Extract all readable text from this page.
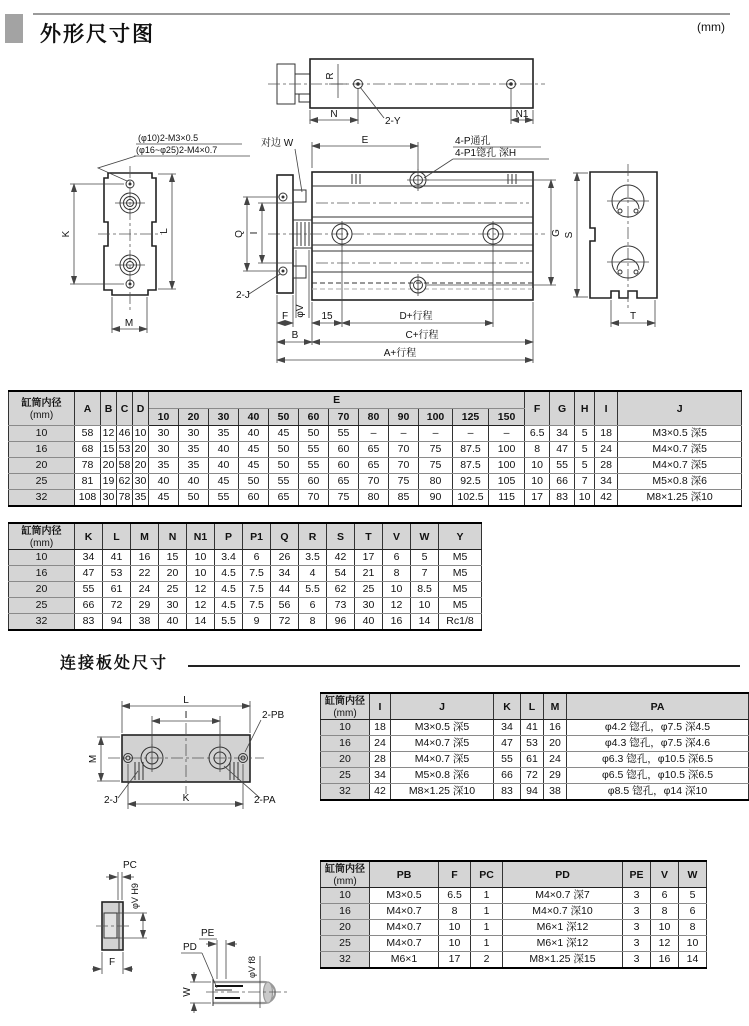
外形尺寸图	(mm)
R
N	N1
2-Y
K	L
M
(φ10)2-M3×0.5
(φ16~φ25)2-M4×0.7
对边 W	E	4-P通孔
4-P1锪孔 深H
G
Q I
2-J
φV
F	15	D+行程
B	C+行程
A+行程
S
T
L
I	2-PB
M
2-J	K	2-PA
PC
φV H9
F
W
PE
PD
φV f8
缸筒内径
(mm)	A	B	C	D	E												F	G	H	I	J
					10	20	30	40	50	60	70	80	90	100	125	150					
10	58	12	46	10	30	30	35	40	45	50	55	–	–	–	–	–	6.5	34	5	18	M3×0.5 深5
16	68	15	53	20	30	35	40	45	50	55	60	65	70	75	87.5	100	8	47	5	24	M4×0.7 深5
20	78	20	58	20	35	35	40	45	50	55	60	65	70	75	87.5	100	10	55	5	28	M4×0.7 深5
25	81	19	62	30	40	40	45	50	55	60	65	70	75	80	92.5	105	10	66	7	34	M5×0.8 深6
32	108	30	78	35	45	50	55	60	65	70	75	80	85	90	102.5	115	17	83	10	42	M8×1.25 深10
缸筒内径
(mm)	K	L	M	N	N1	P	P1	Q	R	S	T	V	W	Y
10	34	41	16	15	10	3.4	6	26	3.5	42	17	6	5	M5
16	47	53	22	20	10	4.5	7.5	34	4	54	21	8	7	M5
20	55	61	24	25	12	4.5	7.5	44	5.5	62	25	10	8.5	M5
25	66	72	29	30	12	4.5	7.5	56	6	73	30	12	10	M5
32	83	94	38	40	14	5.5	9	72	8	96	40	16	14	Rc1/8
连接板处尺寸
缸筒内径
(mm)	I	J	K	L	M	PA
10	18	M3×0.5 深5	34	41	16	φ4.2 锪孔，φ7.5 深4.5
16	24	M4×0.7 深5	47	53	20	φ4.3 锪孔，φ7.5 深4.6
20	28	M4×0.7 深5	55	61	24	φ6.3 锪孔，φ10.5 深6.5
25	34	M5×0.8 深6	66	72	29	φ6.5 锪孔，φ10.5 深6.5
32	42	M8×1.25 深10	83	94	38	φ8.5 锪孔，φ14 深10
缸筒内径
(mm)	PB	F	PC	PD	PE	V	W
10	M3×0.5	6.5	1	M4×0.7 深7	3	6	5
16	M4×0.7	8	1	M4×0.7 深10	3	8	6
20	M4×0.7	10	1	M6×1 深12	3	10	8
25	M4×0.7	10	1	M6×1 深12	3	12	10
32	M6×1	17	2	M8×1.25 深15	3	16	14
